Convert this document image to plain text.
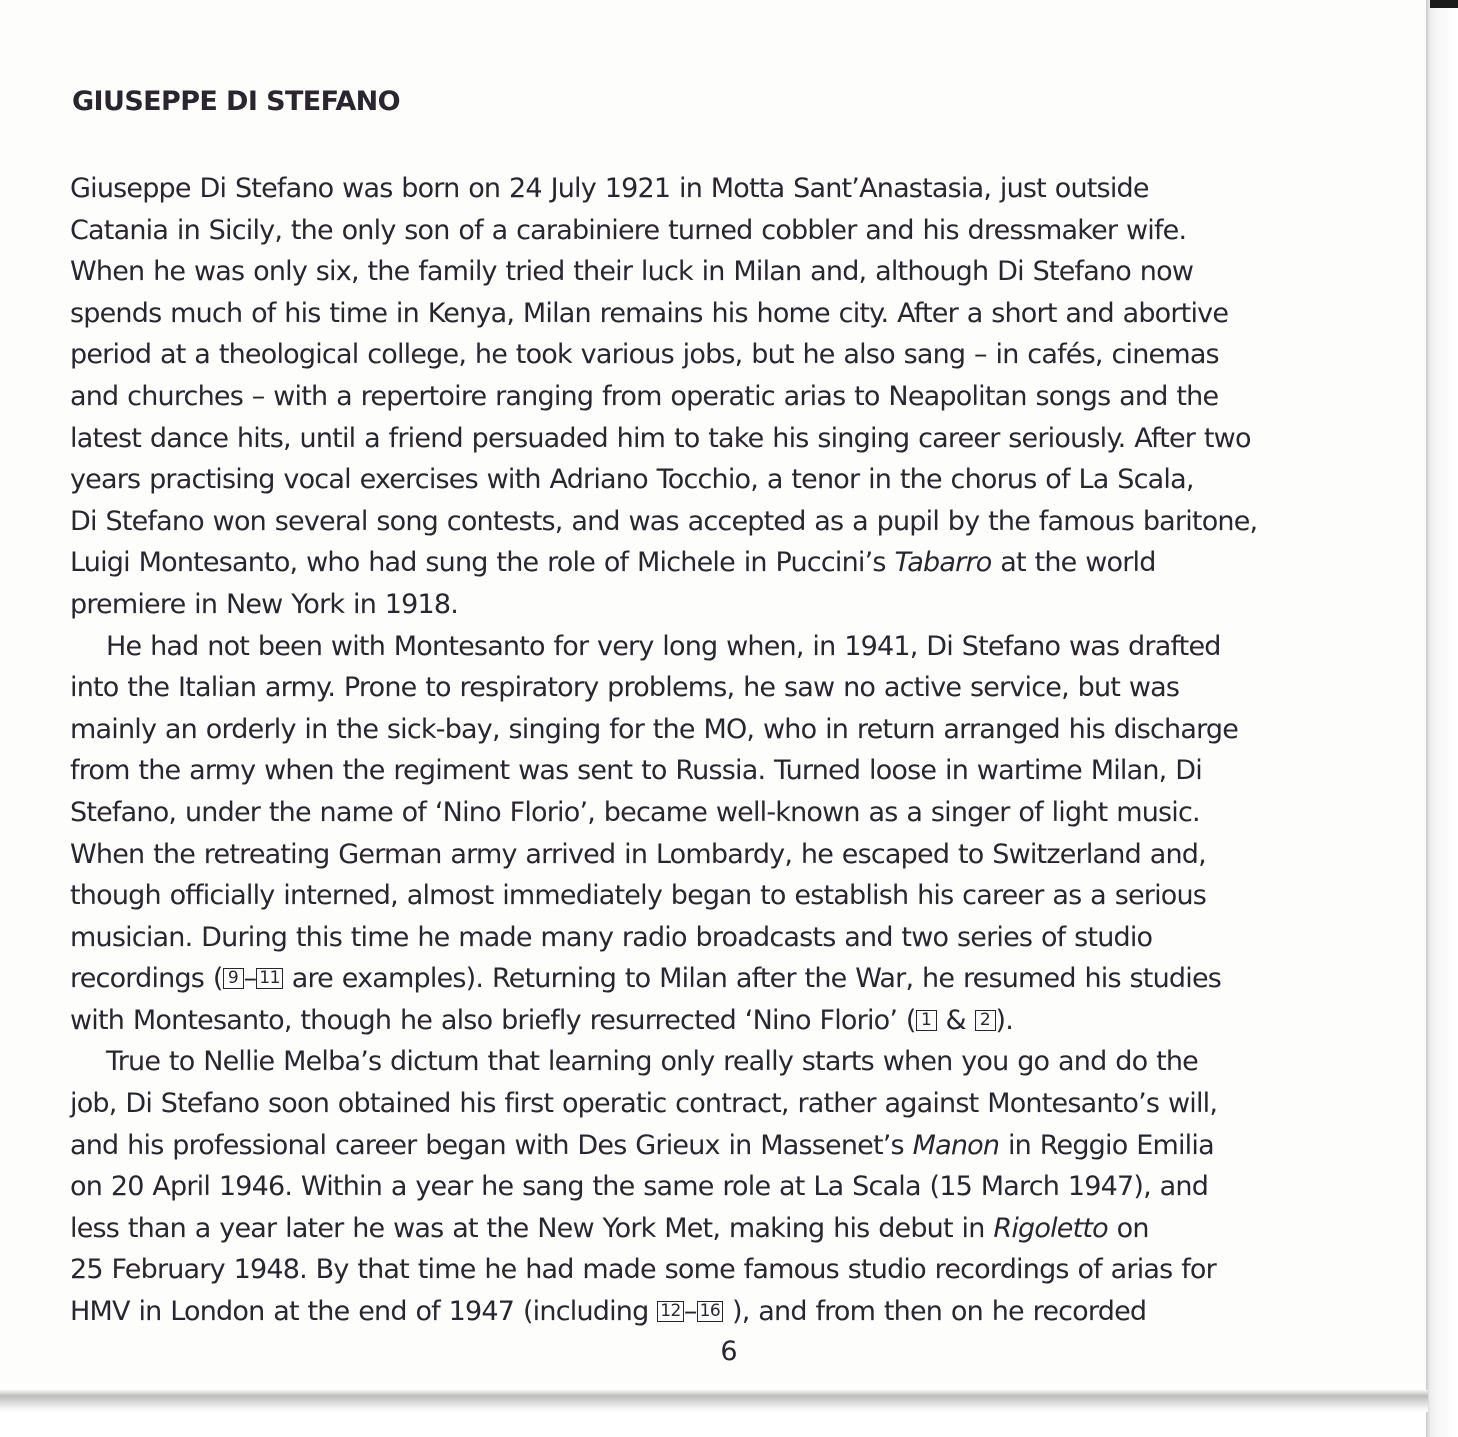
GIUSEPPE DI STEFANO
Giuseppe Di Stefano was born on 24 July 1921 in Motta Sant’Anastasia, just outside
Catania in Sicily, the only son of a carabiniere turned cobbler and his dressmaker wife.
When he was only six, the family tried their luck in Milan and, although Di Stefano now
spends much of his time in Kenya, Milan remains his home city. After a short and abortive
period at a theological college, he took various jobs, but he also sang – in cafés, cinemas
and churches – with a repertoire ranging from operatic arias to Neapolitan songs and the
latest dance hits, until a friend persuaded him to take his singing career seriously. After two
years practising vocal exercises with Adriano Tocchio, a tenor in the chorus of La Scala,
Di Stefano won several song contests, and was accepted as a pupil by the famous baritone,
Luigi Montesanto, who had sung the role of Michele in Puccini’s Tabarro at the world
premiere in New York in 1918.
He had not been with Montesanto for very long when, in 1941, Di Stefano was drafted
into the Italian army. Prone to respiratory problems, he saw no active service, but was
mainly an orderly in the sick-bay, singing for the MO, who in return arranged his discharge
from the army when the regiment was sent to Russia. Turned loose in wartime Milan, Di
Stefano, under the name of ‘Nino Florio’, became well-known as a singer of light music.
When the retreating German army arrived in Lombardy, he escaped to Switzerland and,
though officially interned, almost immediately began to establish his career as a serious
musician. During this time he made many radio broadcasts and two series of studio
recordings ( 9 – 11 are examples). Returning to Milan after the War, he resumed his studies
with Montesanto, though he also briefly resurrected ‘Nino Florio’ ( 1 & 2 ).
True to Nellie Melba’s dictum that learning only really starts when you go and do the
job, Di Stefano soon obtained his first operatic contract, rather against Montesanto’s will,
and his professional career began with Des Grieux in Massenet’s Manon in Reggio Emilia
on 20 April 1946. Within a year he sang the same role at La Scala (15 March 1947), and
less than a year later he was at the New York Met, making his debut in Rigoletto on
25 February 1948. By that time he had made some famous studio recordings of arias for
HMV in London at the end of 1947 (including 12 – 16 ), and from then on he recorded
6
